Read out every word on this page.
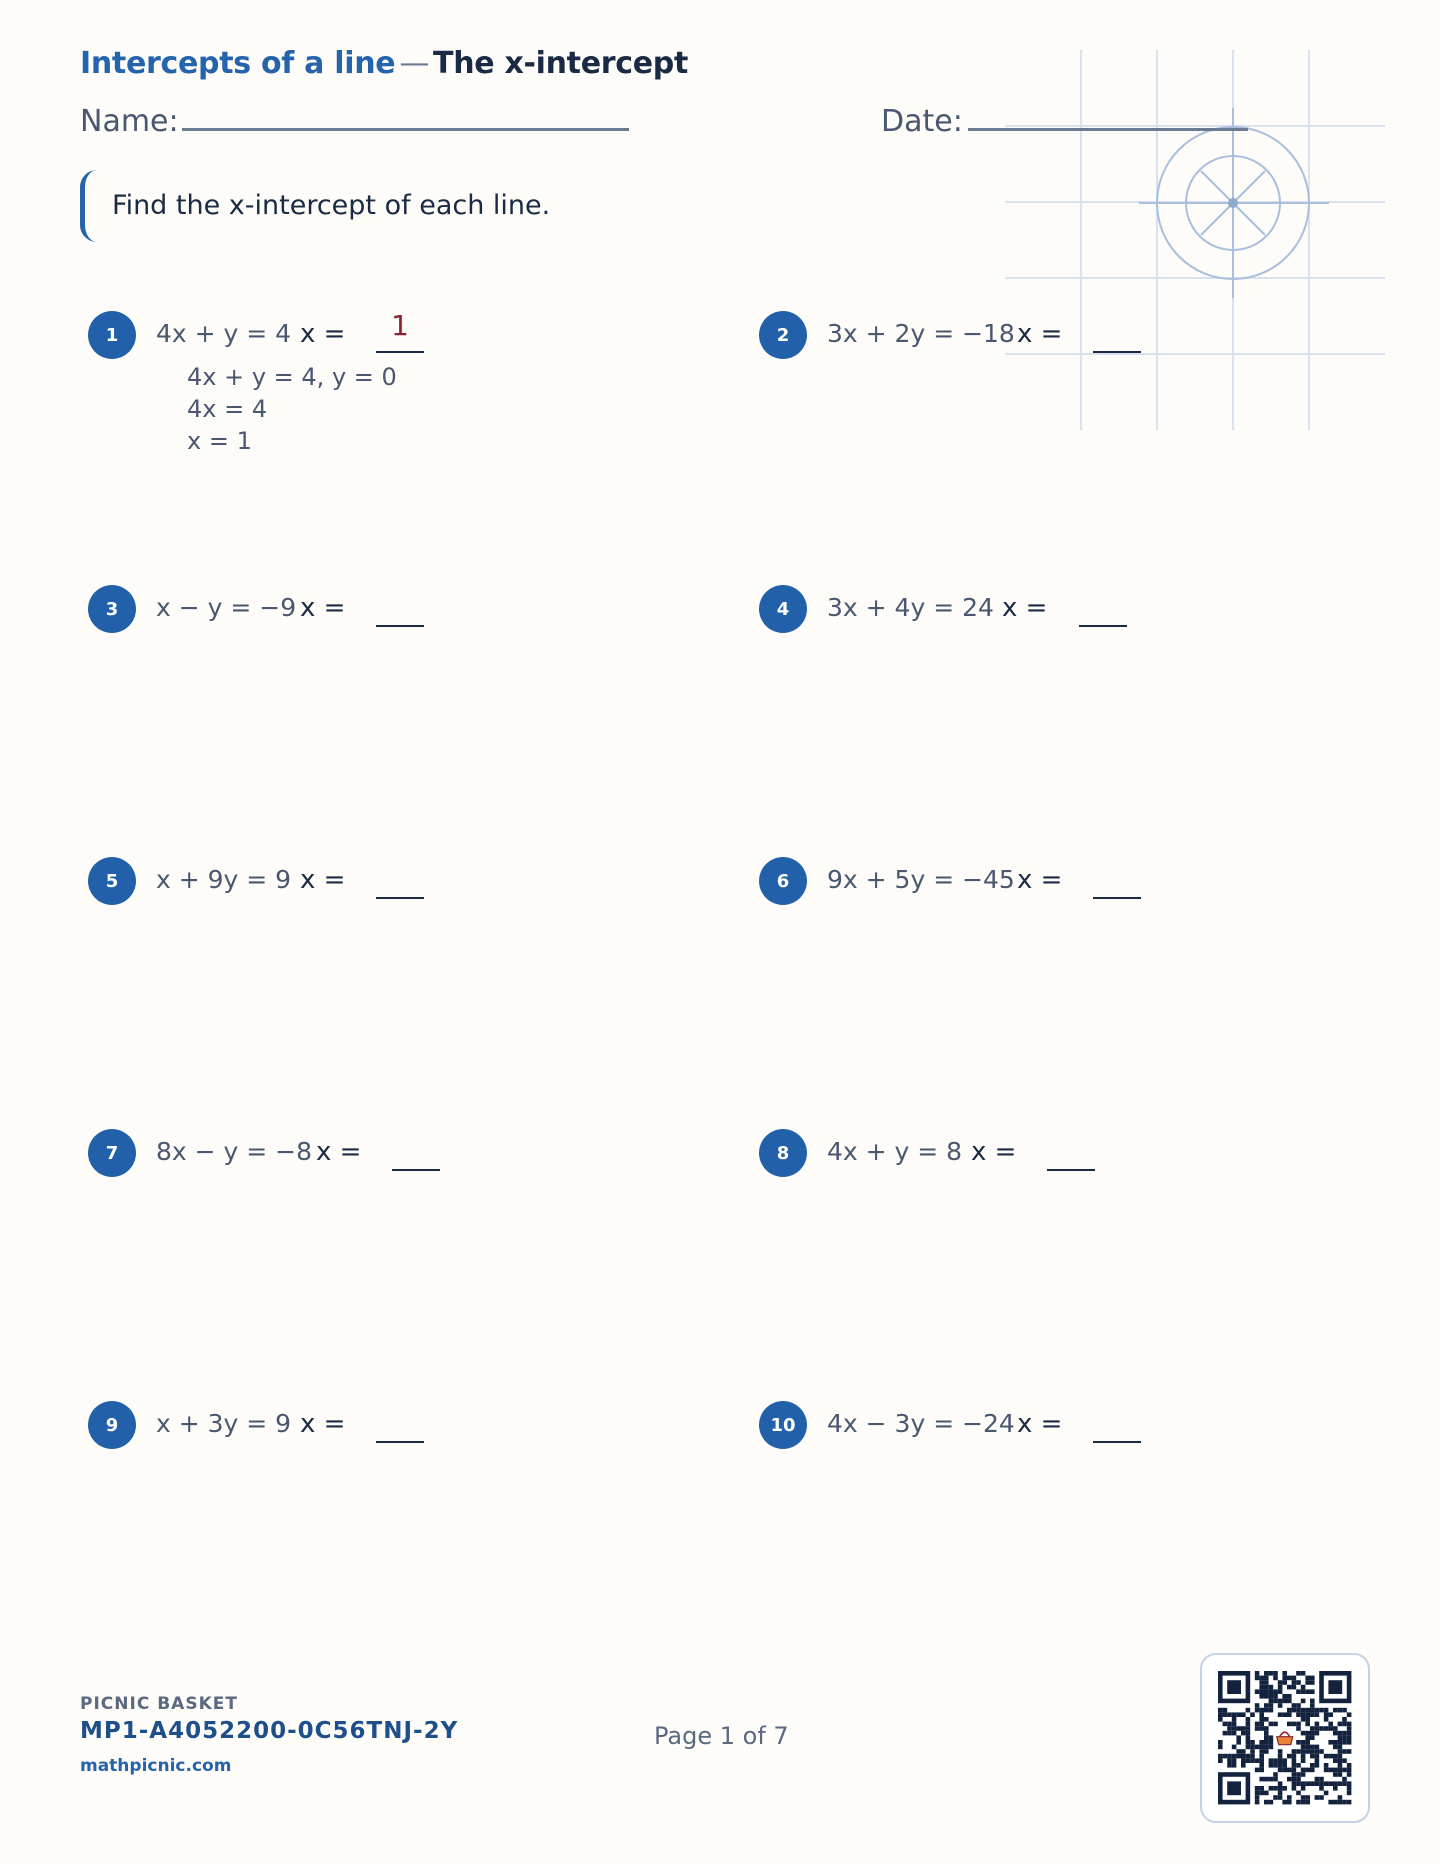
Intercepts of a line — The x-intercept
Name:	Date:
Find the x-intercept of each line.
1	4x + y = 4 x =	1
4x + y = 4, y = 0
4x = 4
x = 1
2	3x + 2y = −18 x =
3	x − y = −9 x =	4	3x + 4y = 24 x =
5	x + 9y = 9 x =	6	9x + 5y = −45 x =
7	8x − y = −8 x =	8	4x + y = 8 x =
9	x + 3y = 9 x =	10	4x − 3y = −24 x =
PICNIC BASKET
MP1-A4052200-0C56TNJ-2Y
mathpicnic.com
Page 1 of 7
